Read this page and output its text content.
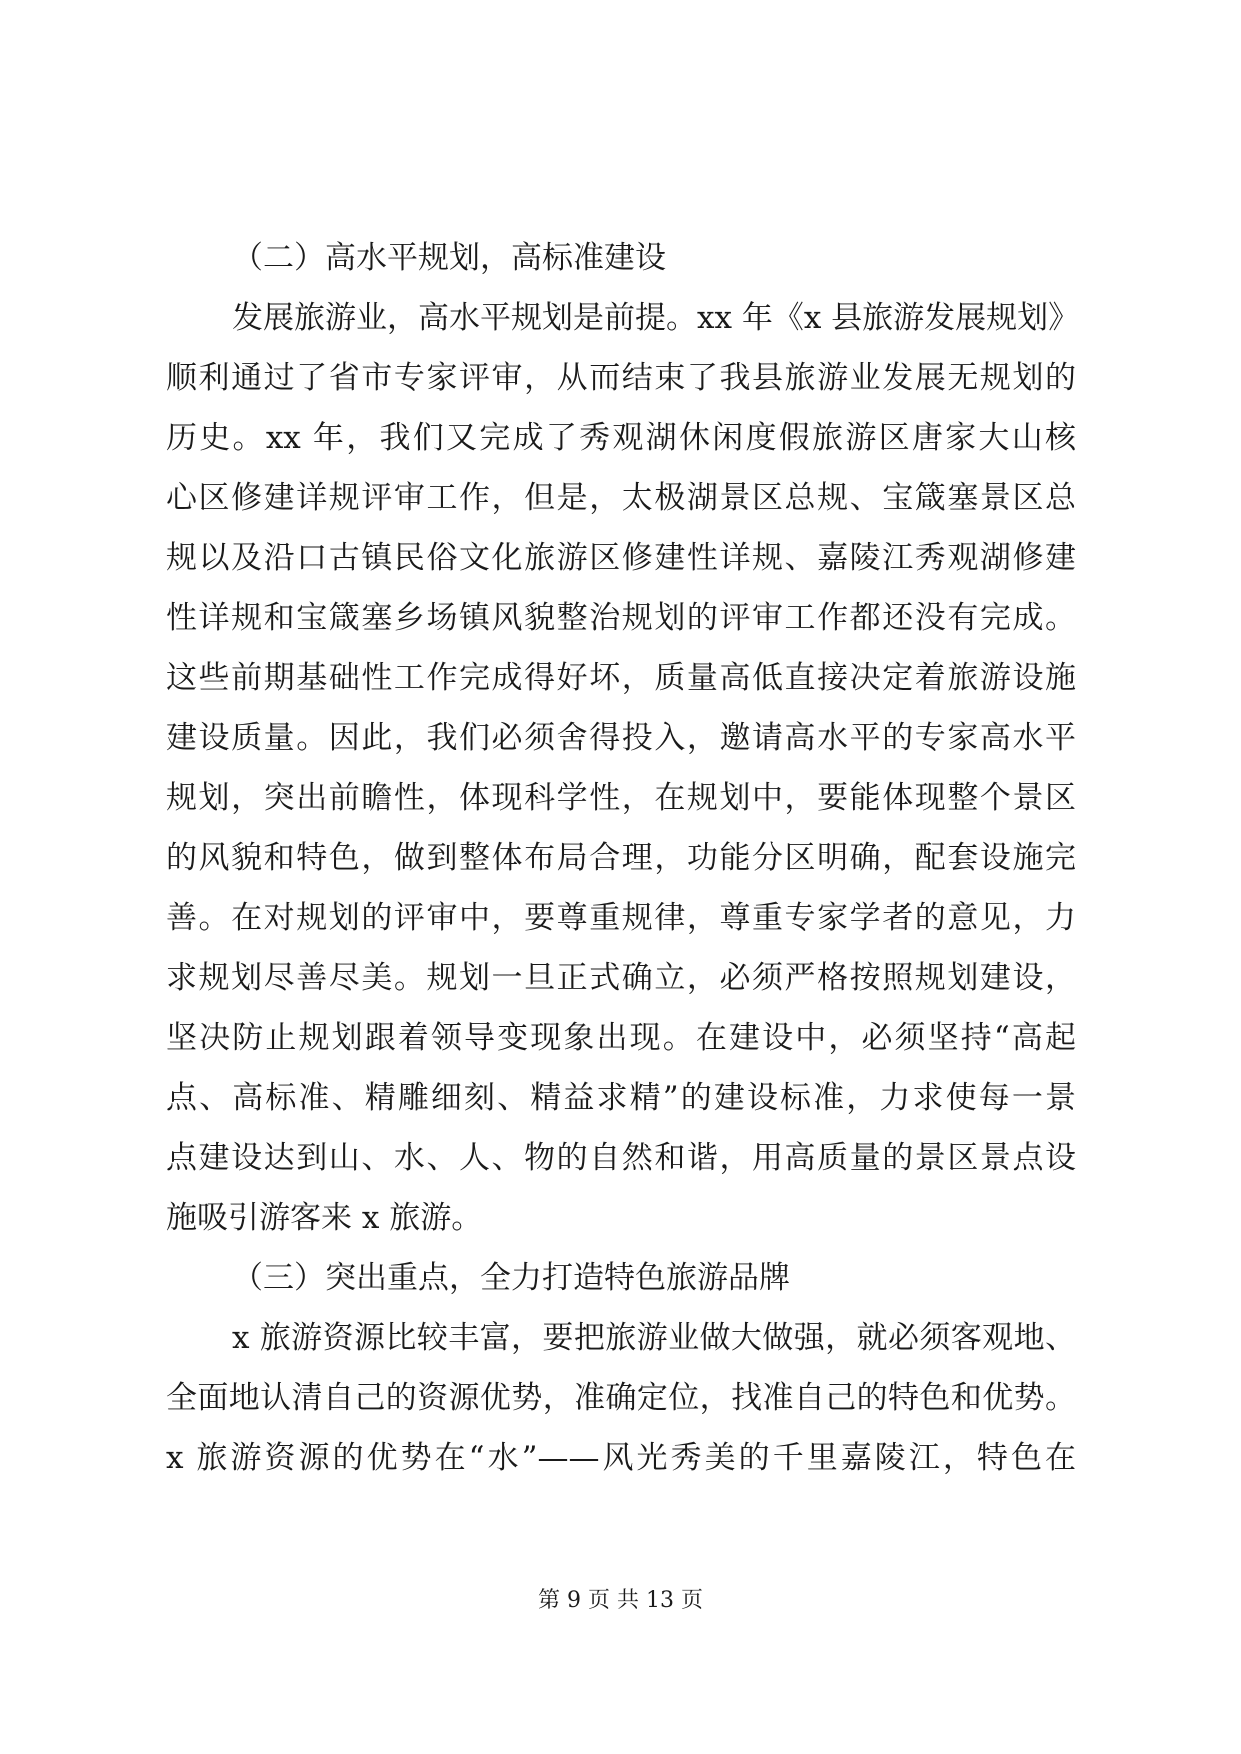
（二）高水平规划，高标准建设
发展旅游业，高水平规划是前提。xx 年《x 县旅游发展规划》
顺利通过了省市专家评审，从而结束了我县旅游业发展无规划的
历史。xx 年，我们又完成了秀观湖休闲度假旅游区唐家大山核
心区修建详规评审工作，但是，太极湖景区总规、宝箴塞景区总
规以及沿口古镇民俗文化旅游区修建性详规、嘉陵江秀观湖修建
性详规和宝箴塞乡场镇风貌整治规划的评审工作都还没有完成。
这些前期基础性工作完成得好坏，质量高低直接决定着旅游设施
建设质量。因此，我们必须舍得投入，邀请高水平的专家高水平
规划，突出前瞻性，体现科学性，在规划中，要能体现整个景区
的风貌和特色，做到整体布局合理，功能分区明确，配套设施完
善。在对规划的评审中，要尊重规律，尊重专家学者的意见，力
求规划尽善尽美。规划一旦正式确立，必须严格按照规划建设，
坚决防止规划跟着领导变现象出现。在建设中，必须坚持“高起
点、高标准、精雕细刻、精益求精”的建设标准，力求使每一景
点建设达到山、水、人、物的自然和谐，用高质量的景区景点设
施吸引游客来 x 旅游。
（三）突出重点，全力打造特色旅游品牌
x 旅游资源比较丰富，要把旅游业做大做强，就必须客观地、
全面地认清自己的资源优势，准确定位，找准自己的特色和优势。
x 旅游资源的优势在“水”——风光秀美的千里嘉陵江，特色在
第 9 页 共 13 页
